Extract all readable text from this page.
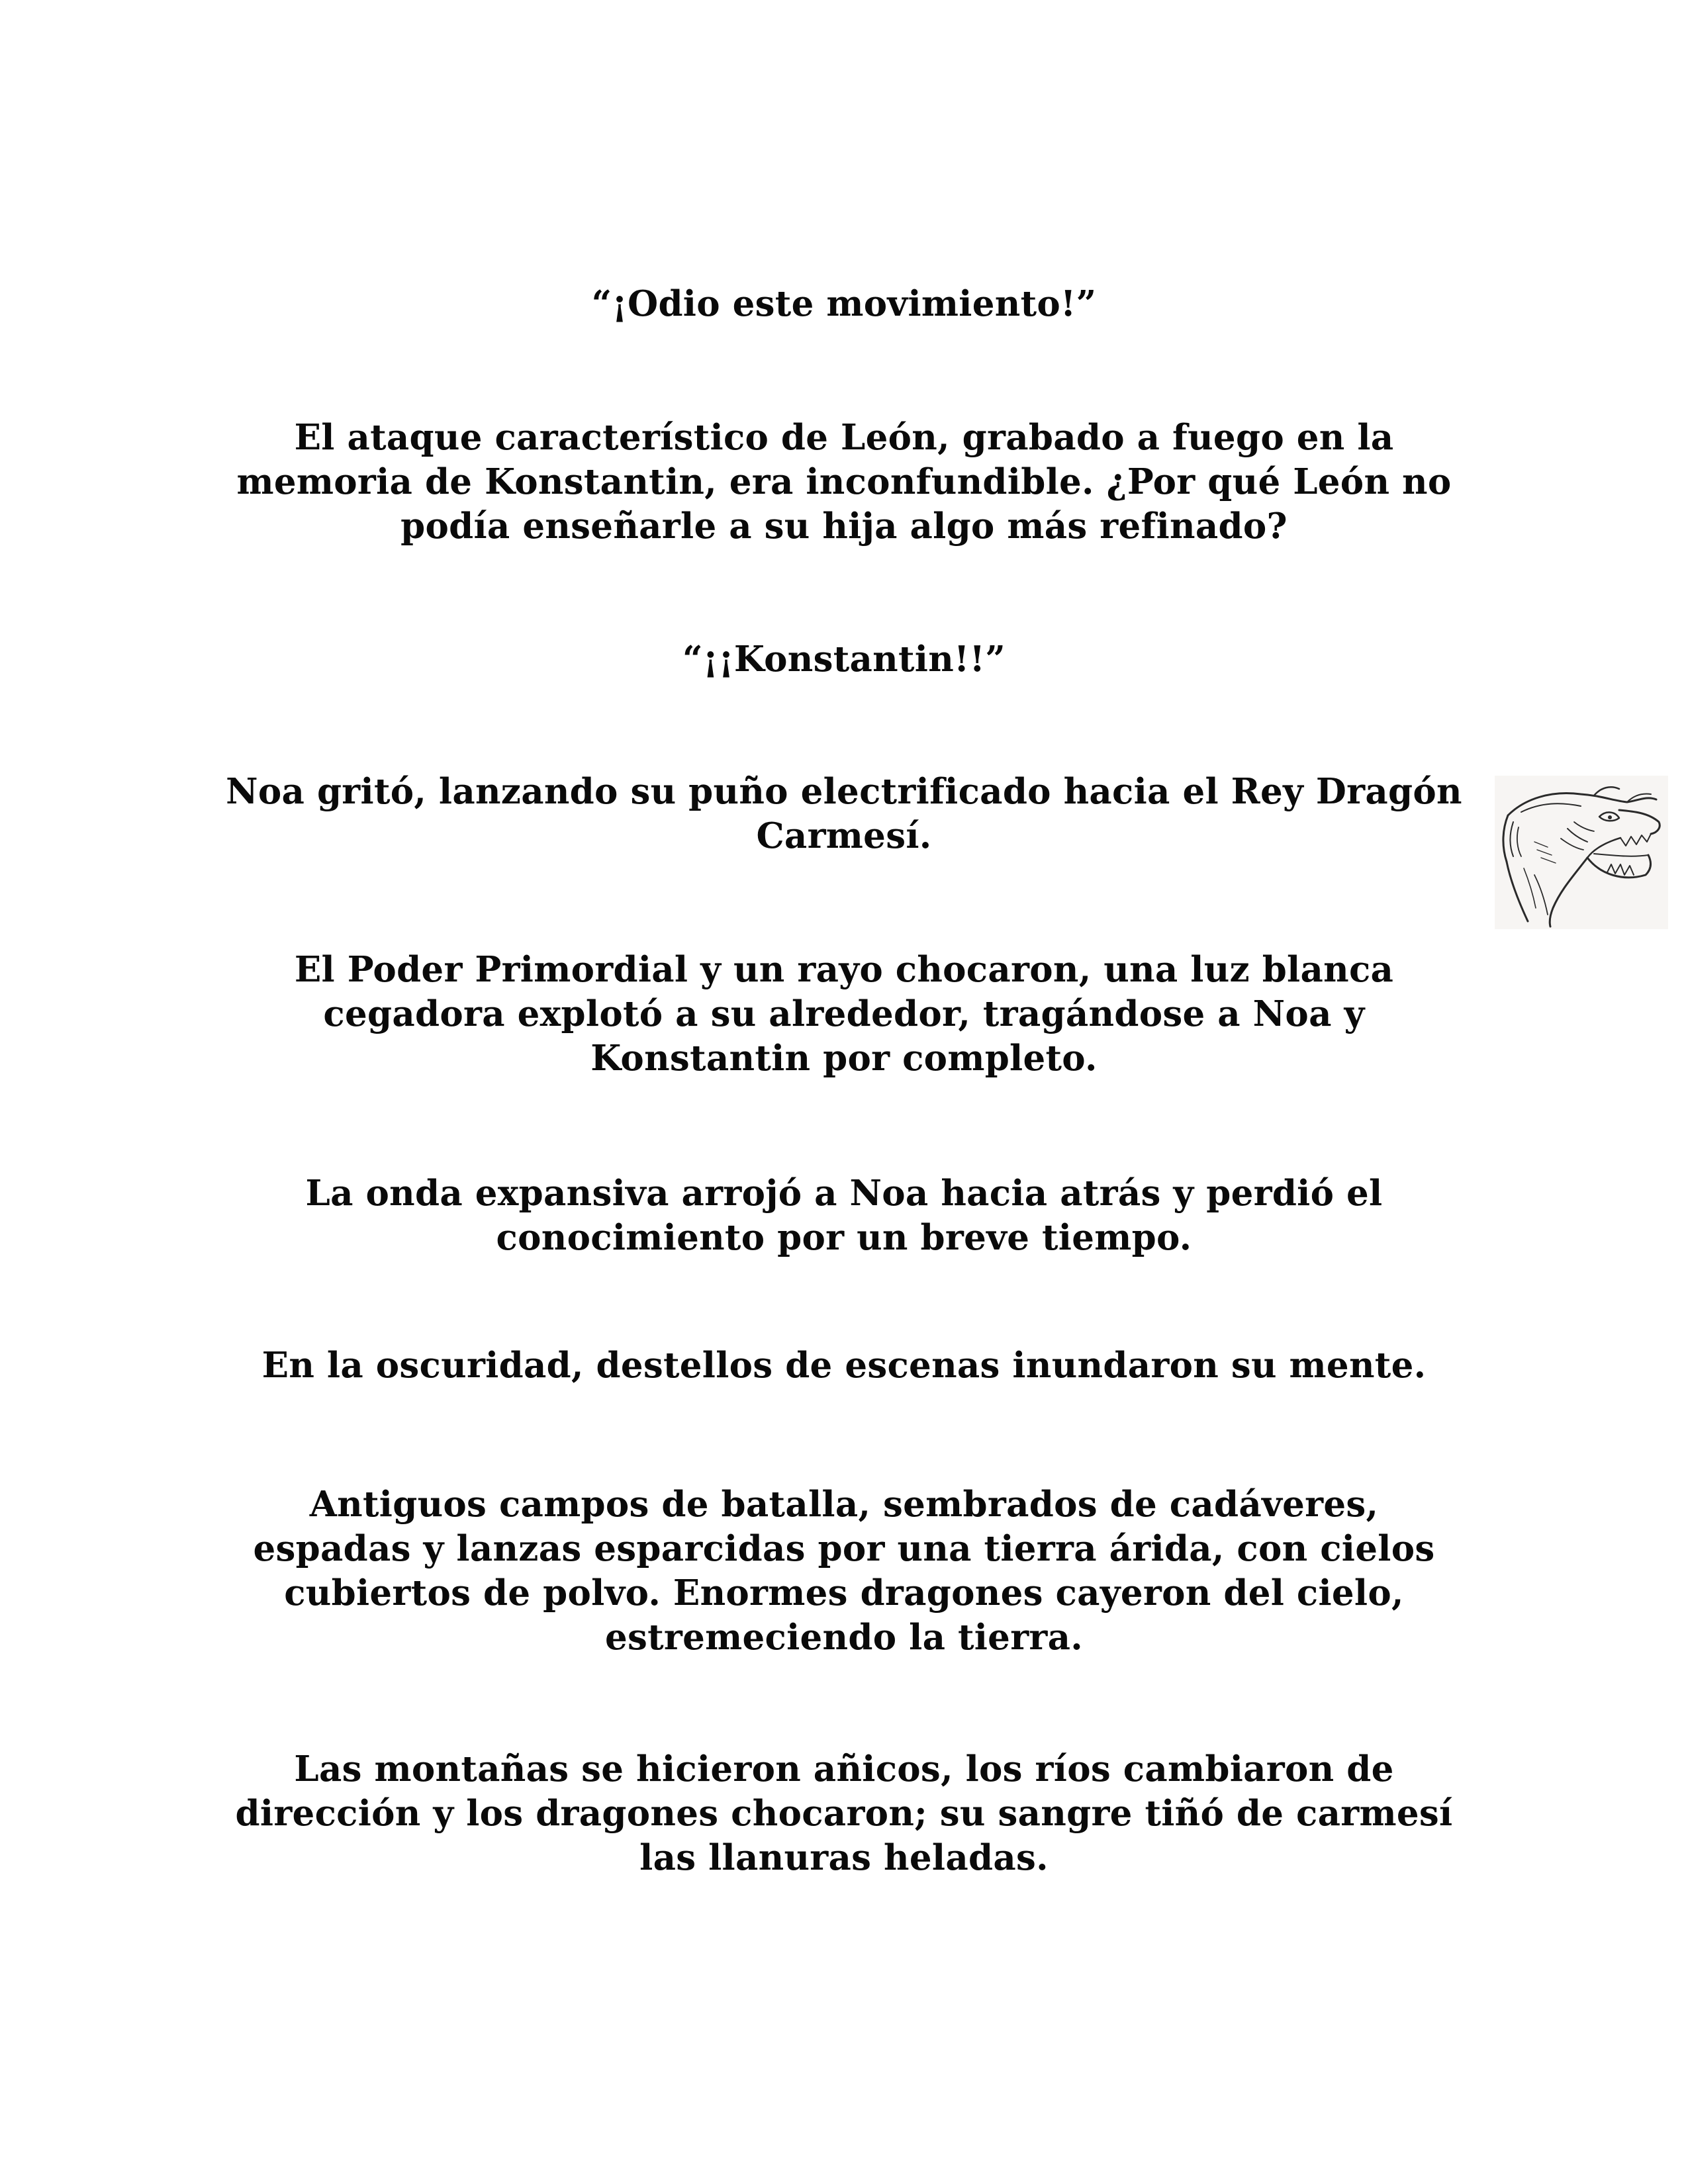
“¡Odio este movimiento!”

El ataque característico de León, grabado a fuego en la memoria de Konstantin, era inconfundible. ¿Por qué León no podía enseñarle a su hija algo más refinado?

“¡¡Konstantin!!”

Noa gritó, lanzando su puño electrificado hacia el Rey Dragón Carmesí.

El Poder Primordial y un rayo chocaron, una luz blanca cegadora explotó a su alrededor, tragándose a Noa y Konstantin por completo.

La onda expansiva arrojó a Noa hacia atrás y perdió el conocimiento por un breve tiempo.

En la oscuridad, destellos de escenas inundaron su mente.

Antiguos campos de batalla, sembrados de cadáveres, espadas y lanzas esparcidas por una tierra árida, con cielos cubiertos de polvo. Enormes dragones cayeron del cielo, estremeciendo la tierra.

Las montañas se hicieron añicos, los ríos cambiaron de dirección y los dragones chocaron; su sangre tiñó de carmesí las llanuras heladas.
